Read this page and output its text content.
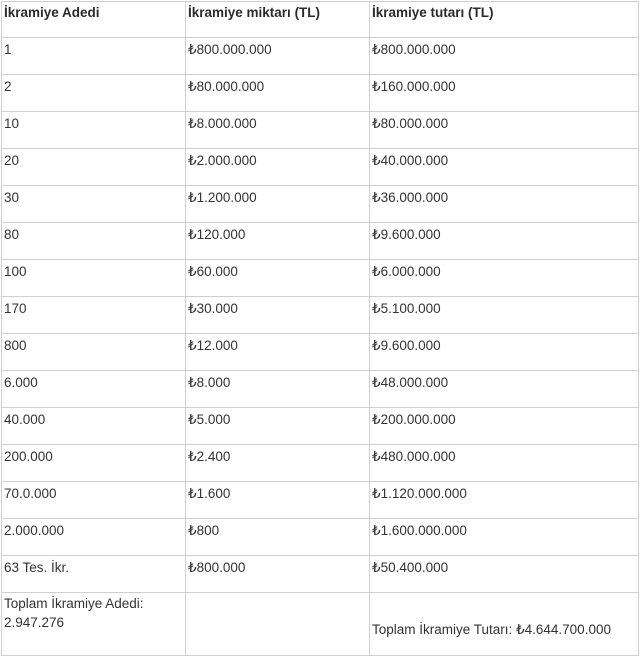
İkramiye Adedi	İkramiye miktarı (TL)	İkramiye tutarı (TL)
1	₺800.000.000	₺800.000.000
2	₺80.000.000	₺160.000.000
10	₺8.000.000	₺80.000.000
20	₺2.000.000	₺40.000.000
30	₺1.200.000	₺36.000.000
80	₺120.000	₺9.600.000
100	₺60.000	₺6.000.000
170	₺30.000	₺5.100.000
800	₺12.000	₺9.600.000
6.000	₺8.000	₺48.000.000
40.000	₺5.000	₺200.000.000
200.000	₺2.400	₺480.000.000
70.0.000	₺1.600	₺1.120.000.000
2.000.000	₺800	₺1.600.000.000
63 Tes. İkr.	₺800.000	₺50.400.000
Toplam İkramiye Adedi: 2.947.276		Toplam İkramiye Tutarı: ₺4.644.700.000
